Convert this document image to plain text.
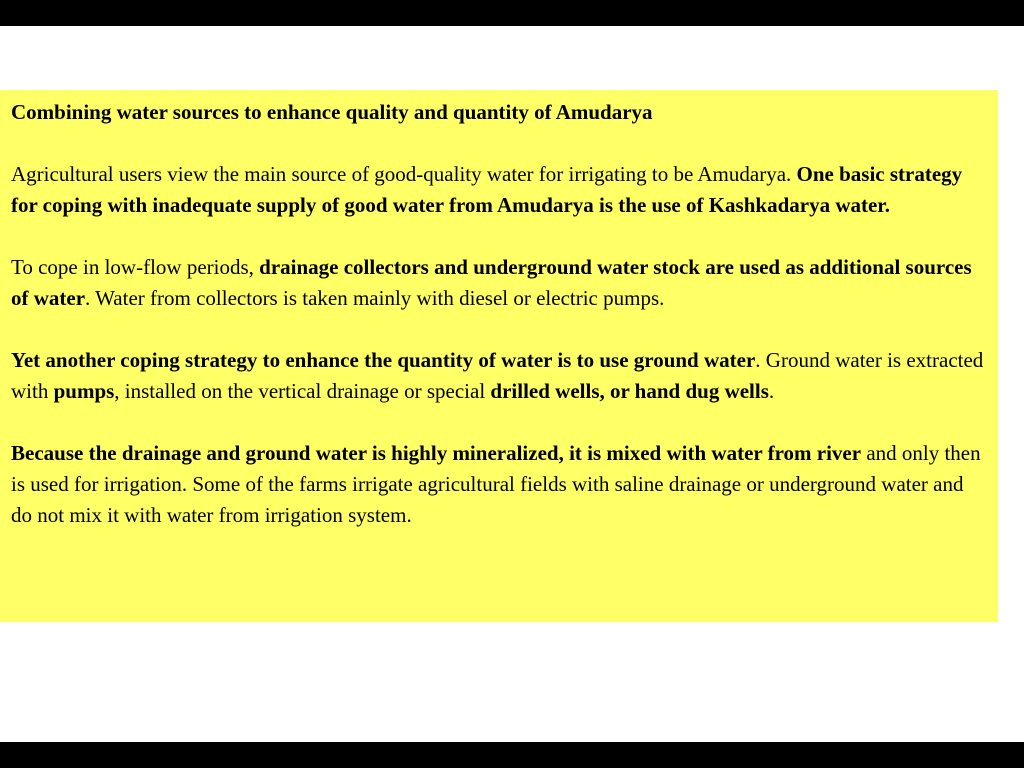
Combining water sources to enhance quality and quantity of Amudarya

Agricultural users view the main source of good-quality water for irrigating to be Amudarya. One basic strategy for coping with inadequate supply of good water from Amudarya is the use of Kashkadarya water.

To cope in low-flow periods, drainage collectors and underground water stock are used as additional sources of water. Water from collectors is taken mainly with diesel or electric pumps.

Yet another coping strategy to enhance the quantity of water is to use ground water. Ground water is extracted with pumps, installed on the vertical drainage or special drilled wells, or hand dug wells.

Because the drainage and ground water is highly mineralized, it is mixed with water from river and only then is used for irrigation. Some of the farms irrigate agricultural fields with saline drainage or underground water and do not mix it with water from irrigation system.
